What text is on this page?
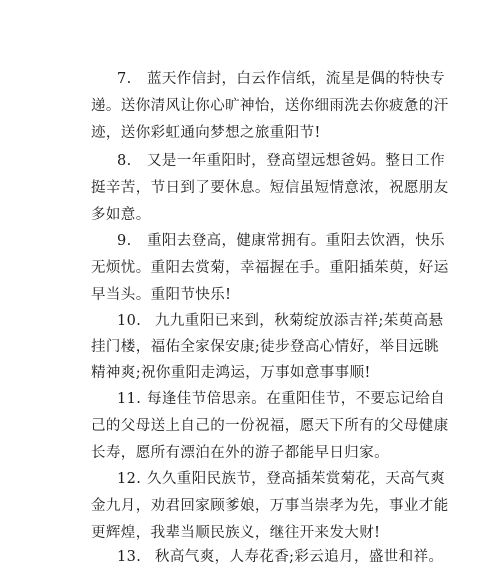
7. 蓝天作信封，白云作信纸，流星是偶的特快专
递。送你清风让你心旷神怡，送你细雨洗去你疲惫的汗
迹，送你彩虹通向梦想之旅重阳节!
8. 又是一年重阳时，登高望远想爸妈。整日工作
挺辛苦，节日到了要休息。短信虽短情意浓，祝愿朋友
多如意。
9. 重阳去登高，健康常拥有。重阳去饮酒，快乐
无烦忧。重阳去赏菊，幸福握在手。重阳插茱萸，好运
早当头。重阳节快乐!
10. 九九重阳已来到，秋菊绽放添吉祥;茱萸高悬
挂门楼，福佑全家保安康;徒步登高心情好，举目远眺
精神爽;祝你重阳走鸿运，万事如意事事顺!
11. 每逢佳节倍思亲。在重阳佳节，不要忘记给自
己的父母送上自己的一份祝福，愿天下所有的父母健康
长寿，愿所有漂泊在外的游子都能早日归家。
12. 久久重阳民族节，登高插茱赏菊花，天高气爽
金九月，劝君回家顾爹娘，万事当崇孝为先，事业才能
更辉煌，我辈当顺民族义，继往开来发大财!
13. 秋高气爽，人寿花香;彩云追月，盛世和祥。
